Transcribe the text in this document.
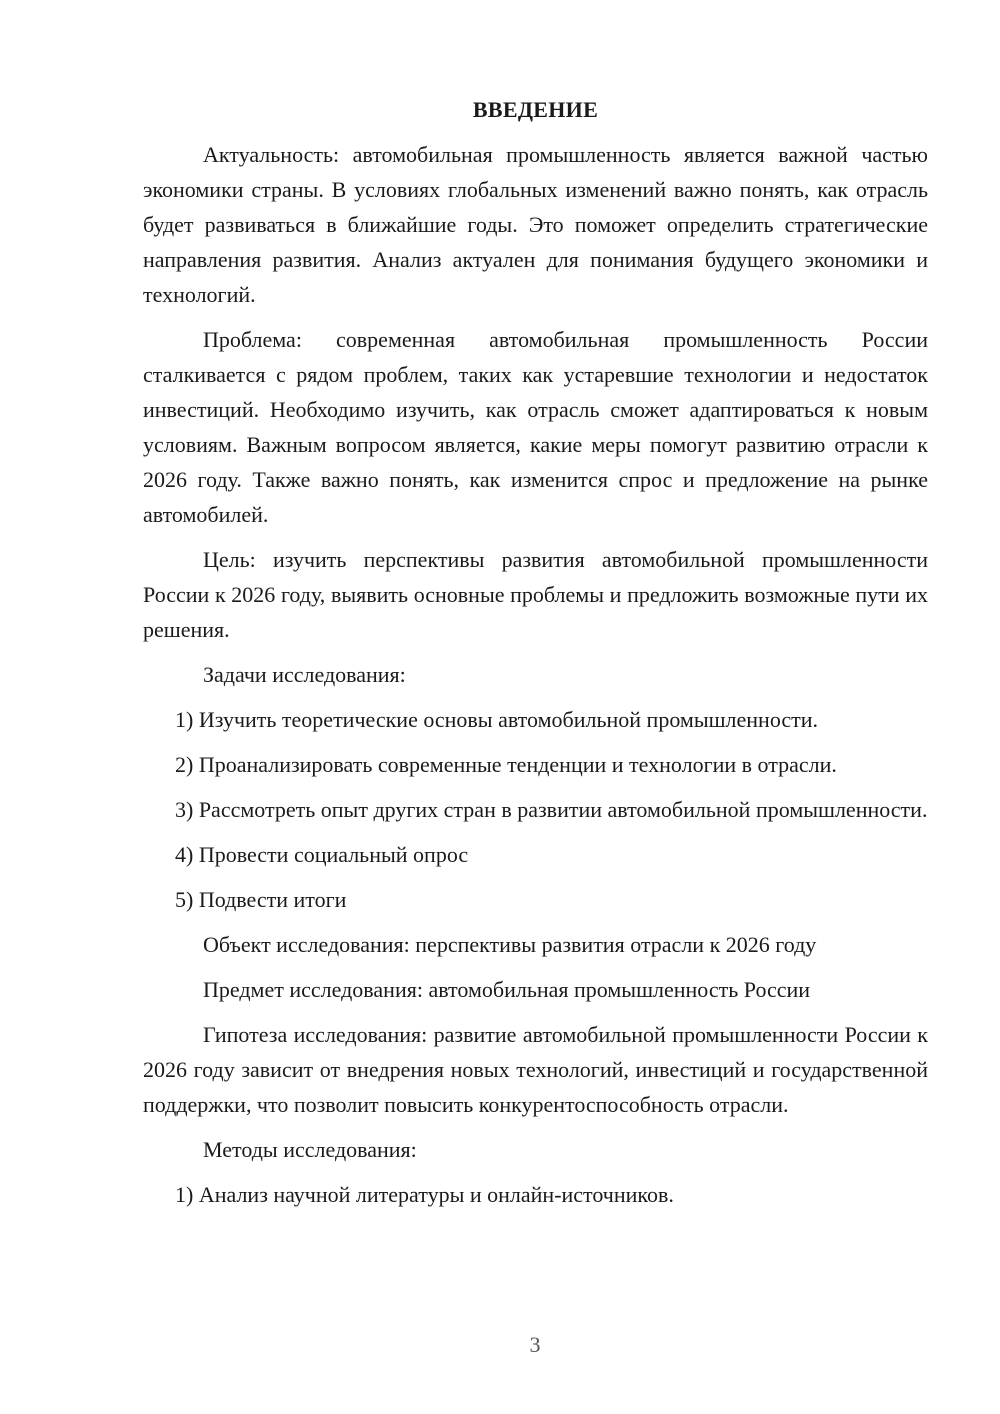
ВВЕДЕНИЕ

Актуальность: автомобильная промышленность является важной частью экономики страны. В условиях глобальных изменений важно понять, как отрасль будет развиваться в ближайшие годы. Это поможет определить стратегические направления развития. Анализ актуален для понимания будущего экономики и технологий.

Проблема: современная автомобильная промышленность России сталкивается с рядом проблем, таких как устаревшие технологии и недостаток инвестиций. Необходимо изучить, как отрасль сможет адаптироваться к новым условиям. Важным вопросом является, какие меры помогут развитию отрасли к 2026 году. Также важно понять, как изменится спрос и предложение на рынке автомобилей.

Цель: изучить перспективы развития автомобильной промышленности России к 2026 году, выявить основные проблемы и предложить возможные пути их решения.

Задачи исследования:

1) Изучить теоретические основы автомобильной промышленности.

2) Проанализировать современные тенденции и технологии в отрасли.

3) Рассмотреть опыт других стран в развитии автомобильной промышленности.

4) Провести социальный опрос

5) Подвести итоги

Объект исследования: перспективы развития отрасли к 2026 году

Предмет исследования: автомобильная промышленность России

Гипотеза исследования: развитие автомобильной промышленности России к 2026 году зависит от внедрения новых технологий, инвестиций и государственной поддержки, что позволит повысить конкурентоспособность отрасли.

Методы исследования:

1) Анализ научной литературы и онлайн-источников.

3
